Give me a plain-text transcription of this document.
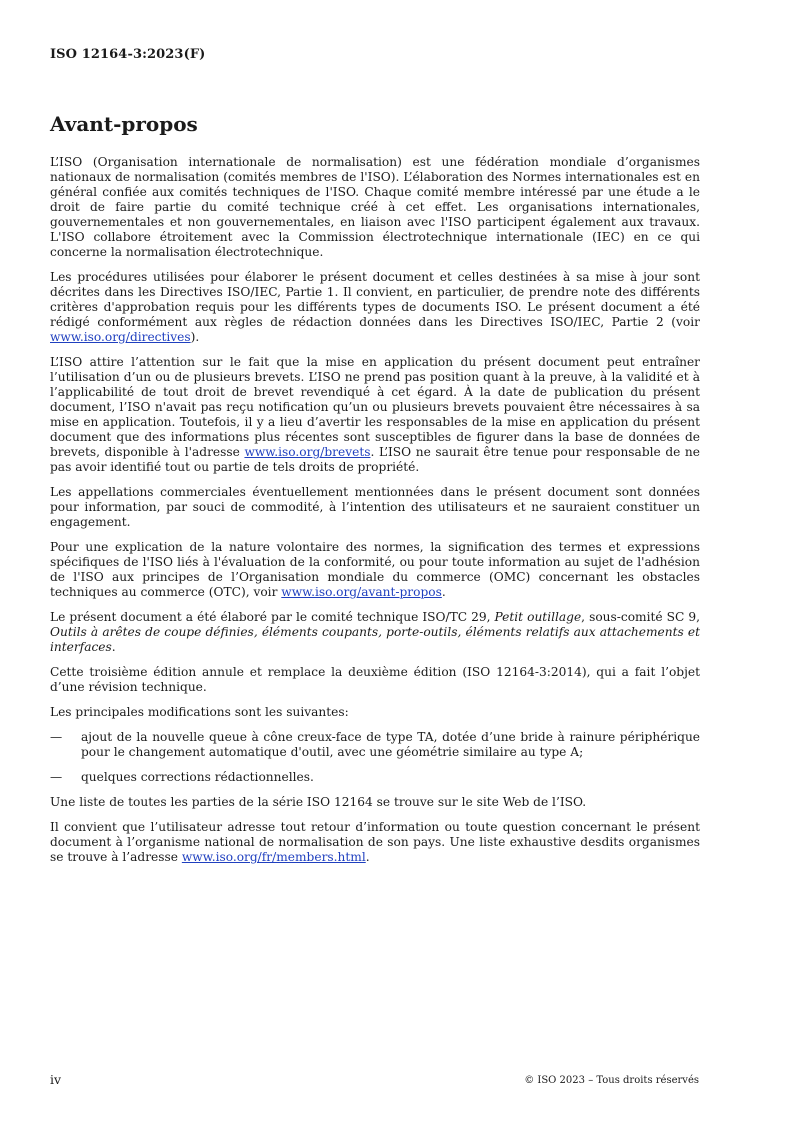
ISO 12164-3:2023(F)
Avant-propos

L’ISO (Organisation internationale de normalisation) est une fédération mondiale d’organismes nationaux de normalisation (comités membres de l'ISO). L’élaboration des Normes internationales est en général confiée aux comités techniques de l'ISO. Chaque comité membre intéressé par une étude a le droit de faire partie du comité technique créé à cet effet. Les organisations internationales, gouvernementales et non gouvernementales, en liaison avec l'ISO participent également aux travaux. L'ISO collabore étroitement avec la Commission électrotechnique internationale (IEC) en ce qui concerne la normalisation électrotechnique.

Les procédures utilisées pour élaborer le présent document et celles destinées à sa mise à jour sont décrites dans les Directives ISO/IEC, Partie 1. Il convient, en particulier, de prendre note des différents critères d'approbation requis pour les différents types de documents ISO. Le présent document a été rédigé conformément aux règles de rédaction données dans les Directives ISO/IEC, Partie 2 (voir www.iso.org/directives).

L’ISO attire l’attention sur le fait que la mise en application du présent document peut entraîner l’utilisation d’un ou de plusieurs brevets. L’ISO ne prend pas position quant à la preuve, à la validité et à l’applicabilité de tout droit de brevet revendiqué à cet égard. À la date de publication du présent document, l’ISO n'avait pas reçu notification qu’un ou plusieurs brevets pouvaient être nécessaires à sa mise en application. Toutefois, il y a lieu d’avertir les responsables de la mise en application du présent document que des informations plus récentes sont susceptibles de figurer dans la base de données de brevets, disponible à l'adresse www.iso.org/brevets. L’ISO ne saurait être tenue pour responsable de ne pas avoir identifié tout ou partie de tels droits de propriété.

Les appellations commerciales éventuellement mentionnées dans le présent document sont données pour information, par souci de commodité, à l’intention des utilisateurs et ne sauraient constituer un engagement.

Pour une explication de la nature volontaire des normes, la signification des termes et expressions spécifiques de l'ISO liés à l'évaluation de la conformité, ou pour toute information au sujet de l'adhésion de l'ISO aux principes de l’Organisation mondiale du commerce (OMC) concernant les obstacles techniques au commerce (OTC), voir www.iso.org/avant-propos.

Le présent document a été élaboré par le comité technique ISO/TC 29, Petit outillage, sous-comité SC 9, Outils à arêtes de coupe définies, éléments coupants, porte-outils, éléments relatifs aux attachements et interfaces.

Cette troisième édition annule et remplace la deuxième édition (ISO 12164-3:2014), qui a fait l’objet d’une révision technique.

Les principales modifications sont les suivantes:

—	ajout de la nouvelle queue à cône creux-face de type TA, dotée d’une bride à rainure périphérique pour le changement automatique d'outil, avec une géométrie similaire au type A;
—	quelques corrections rédactionnelles.

Une liste de toutes les parties de la série ISO 12164 se trouve sur le site Web de l’ISO.

Il convient que l’utilisateur adresse tout retour d’information ou toute question concernant le présent document à l’organisme national de normalisation de son pays. Une liste exhaustive desdits organismes se trouve à l’adresse www.iso.org/fr/members.html.

iv	© ISO 2023 – Tous droits réservés
